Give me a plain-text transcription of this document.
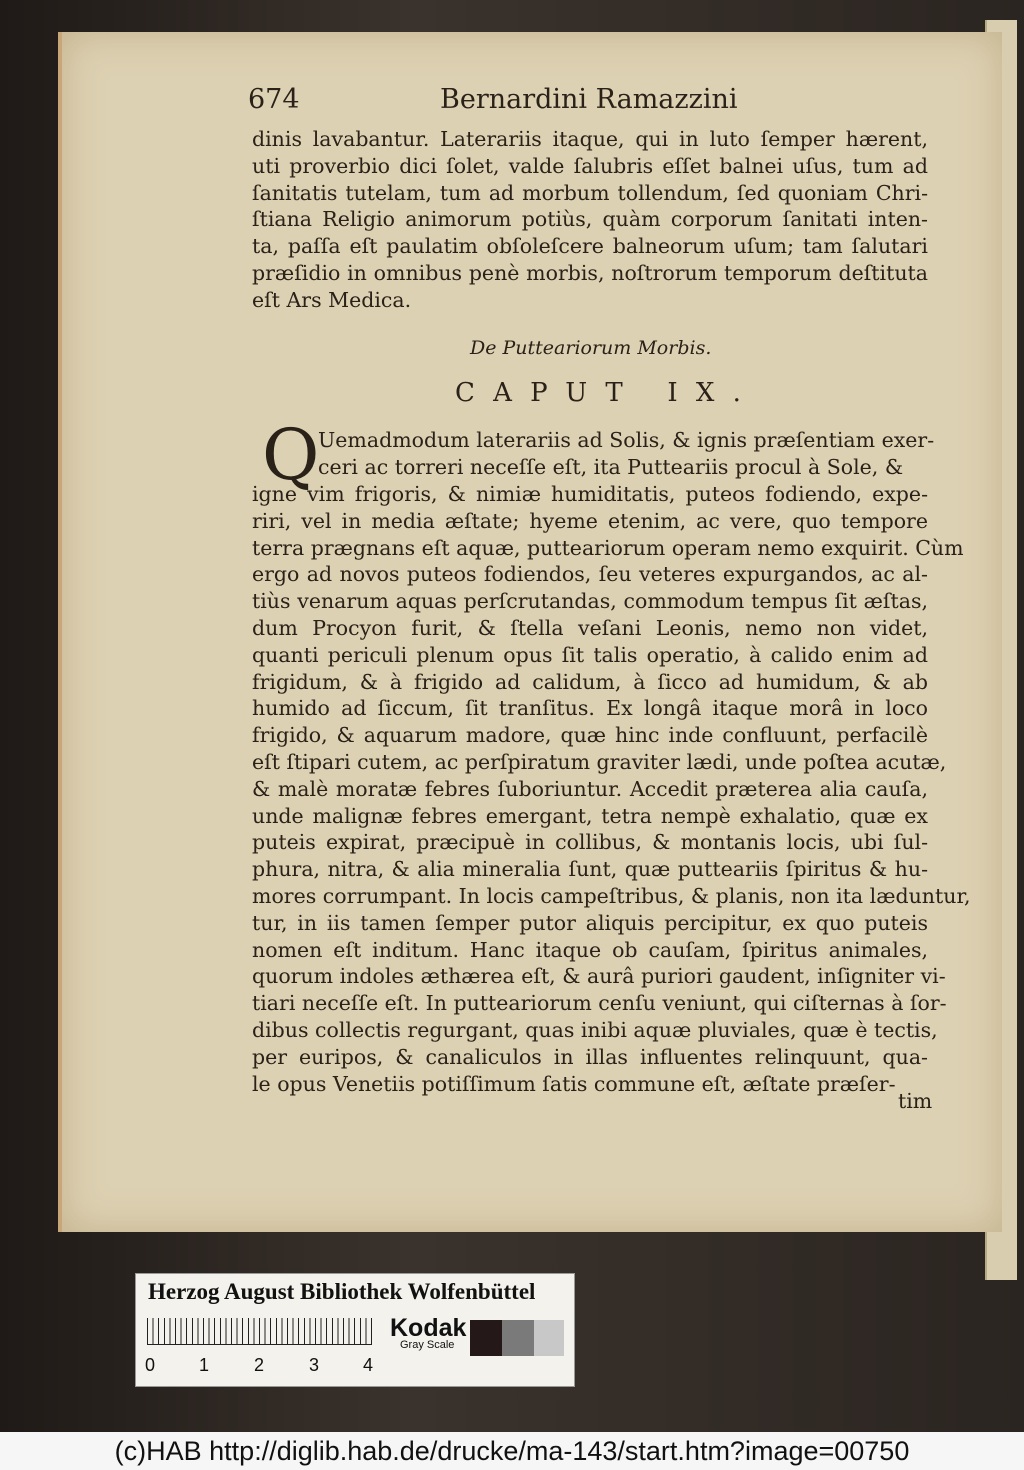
674	Bernardini Ramazzini
dinis lavabantur. Laterariis itaque, qui in luto ſemper hærent,
uti proverbio dici ſolet, valde ſalubris eſſet balnei uſus, tum ad
ſanitatis tutelam, tum ad morbum tollendum, ſed quoniam Chri-
ſtiana Religio animorum potiùs, quàm corporum ſanitati inten-
ta, paſſa eſt paulatim obſoleſcere balneorum uſum; tam ſalutari
præſidio in omnibus penè morbis, noſtrorum temporum deſtituta
eſt Ars Medica.
De Putteariorum Morbis.
CAPUT IX.
Q
Uemadmodum laterariis ad Solis, & ignis præſentiam exer-
ceri ac torreri neceſſe eſt, ita Putteariis procul à Sole, &
igne vim frigoris, & nimiæ humiditatis, puteos fodiendo, expe-
riri, vel in media æſtate; hyeme etenim, ac vere, quo tempore
terra prægnans eſt aquæ, putteariorum operam nemo exquirit. Cùm
ergo ad novos puteos fodiendos, ſeu veteres expurgandos, ac al-
tiùs venarum aquas perſcrutandas, commodum tempus ſit æſtas,
dum Procyon furit, & ſtella veſani Leonis, nemo non videt,
quanti periculi plenum opus ſit talis operatio, à calido enim ad
frigidum, & à frigido ad calidum, à ſicco ad humidum, & ab
humido ad ſiccum, ſit tranſitus. Ex longâ itaque morâ in loco
frigido, & aquarum madore, quæ hinc inde confluunt, perfacilè
eſt ſtipari cutem, ac perſpiratum graviter lædi, unde poſtea acutæ,
& malè moratæ febres ſuboriuntur. Accedit præterea alia cauſa,
unde malignæ febres emergant, tetra nempè exhalatio, quæ ex
puteis expirat, præcipuè in collibus, & montanis locis, ubi ſul-
phura, nitra, & alia mineralia ſunt, quæ putteariis ſpiritus & hu-
mores corrumpant. In locis campeſtribus, & planis, non ita læduntur,
tur, in iis tamen ſemper putor aliquis percipitur, ex quo puteis
nomen eſt inditum. Hanc itaque ob cauſam, ſpiritus animales,
quorum indoles æthærea eſt, & aurâ puriori gaudent, inſigniter vi-
tiari neceſſe eſt. In putteariorum cenſu veniunt, qui ciſternas à ſor-
dibus collectis regurgant, quas inibi aquæ pluviales, quæ è tectis,
per euripos, & canaliculos in illas influentes relinquunt, qua-
le opus Venetiis potiſſimum ſatis commune eſt, æſtate præſer-
tim
Herzog August Bibliothek Wolfenbüttel
0 1 2 3 4
Kodak
Gray Scale
(c)HAB http://diglib.hab.de/drucke/ma-143/start.htm?image=00750
